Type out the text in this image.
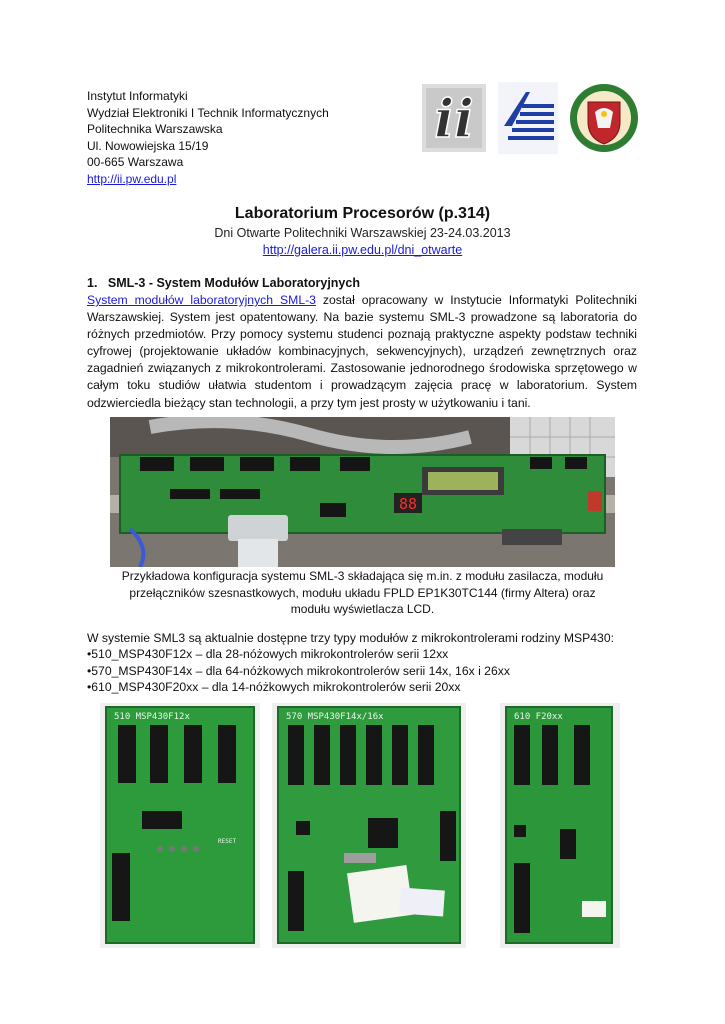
Instytut Informatyki
Wydział Elektroniki I Technik Informatycznych
Politechnika Warszawska
Ul. Nowowiejska 15/19
00-665 Warszawa
http://ii.pw.edu.pl
ii
Laboratorium Procesorów (p.314)
Dni Otwarte Politechniki Warszawskiej 23-24.03.2013
http://galera.ii.pw.edu.pl/dni_otwarte
1. SML-3 - System Modułów Laboratoryjnych
System modułów laboratoryjnych SML-3 został opracowany w Instytucie Informatyki Politechniki Warszawskiej. System jest opatentowany. Na bazie systemu SML-3 prowadzone są laboratoria do różnych przedmiotów. Przy pomocy systemu studenci poznają praktyczne aspekty podstaw techniki cyfrowej (projektowanie układów kombinacyjnych, sekwencyjnych), urządzeń zewnętrznych oraz zagadnień związanych z mikrokontrolerami. Zastosowanie jednorodnego środowiska sprzętowego w całym toku studiów ułatwia studentom i prowadzącym zajęcia pracę w laboratorium. System odzwierciedla bieżący stan technologii, a przy tym jest prosty w użytkowaniu i tani.
88
Przykładowa konfiguracja systemu SML-3 składająca się m.in. z modułu zasilacza, modułu przełączników szesnastkowych, modułu układu FPLD EP1K30TC144 (firmy Altera) oraz modułu wyświetlacza LCD.
W systemie SML3 są aktualnie dostępne trzy typy modułów z mikrokontrolerami rodziny MSP430:
• 510_MSP430F12x – dla 28-nóżowych mikrokontrolerów serii 12xx
• 570_MSP430F14x – dla 64-nóżkowych mikrokontrolerów serii 14x, 16x i 26xx
• 610_MSP430F20xx – dla 14-nóżkowych mikrokontrolerów serii 20xx
510 MSP430F12x
RESET
570 MSP430F14x/16x	610 F20xx
